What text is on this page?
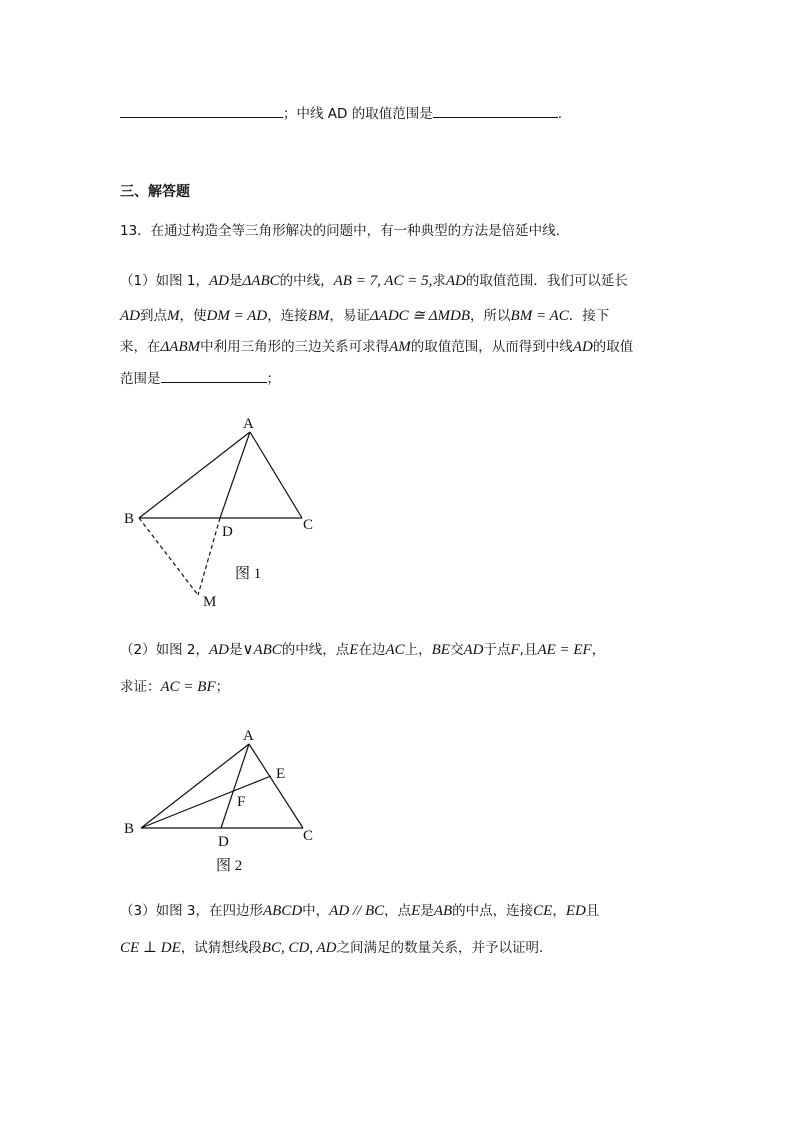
；中线 AD 的取值范围是	.
三、解答题
13．在通过构造全等三角形解决的问题中，有一种典型的方法是倍延中线.
（1）如图 1，AD是ΔABC的中线，AB = 7, AC = 5,求AD的取值范围．我们可以延长
AD到点M，使DM = AD，连接BM，易证ΔADC ≅ ΔMDB，所以BM = AC．接下
来，在ΔABM中利用三角形的三边关系可求得AM的取值范围，从而得到中线AD的取值
范围是	；
A
B	C
D
M
图 1
A
B	C
D
E
F
图 2
（2）如图 2，AD是∨ABC的中线，点E在边AC上，BE交AD于点F,且AE = EF，
求证：AC = BF；
（3）如图 3，在四边形ABCD中，AD // BC，点E是AB的中点，连接CE，ED且
CE ⊥ DE，试猜想线段BC, CD, AD之间满足的数量关系，并予以证明.
